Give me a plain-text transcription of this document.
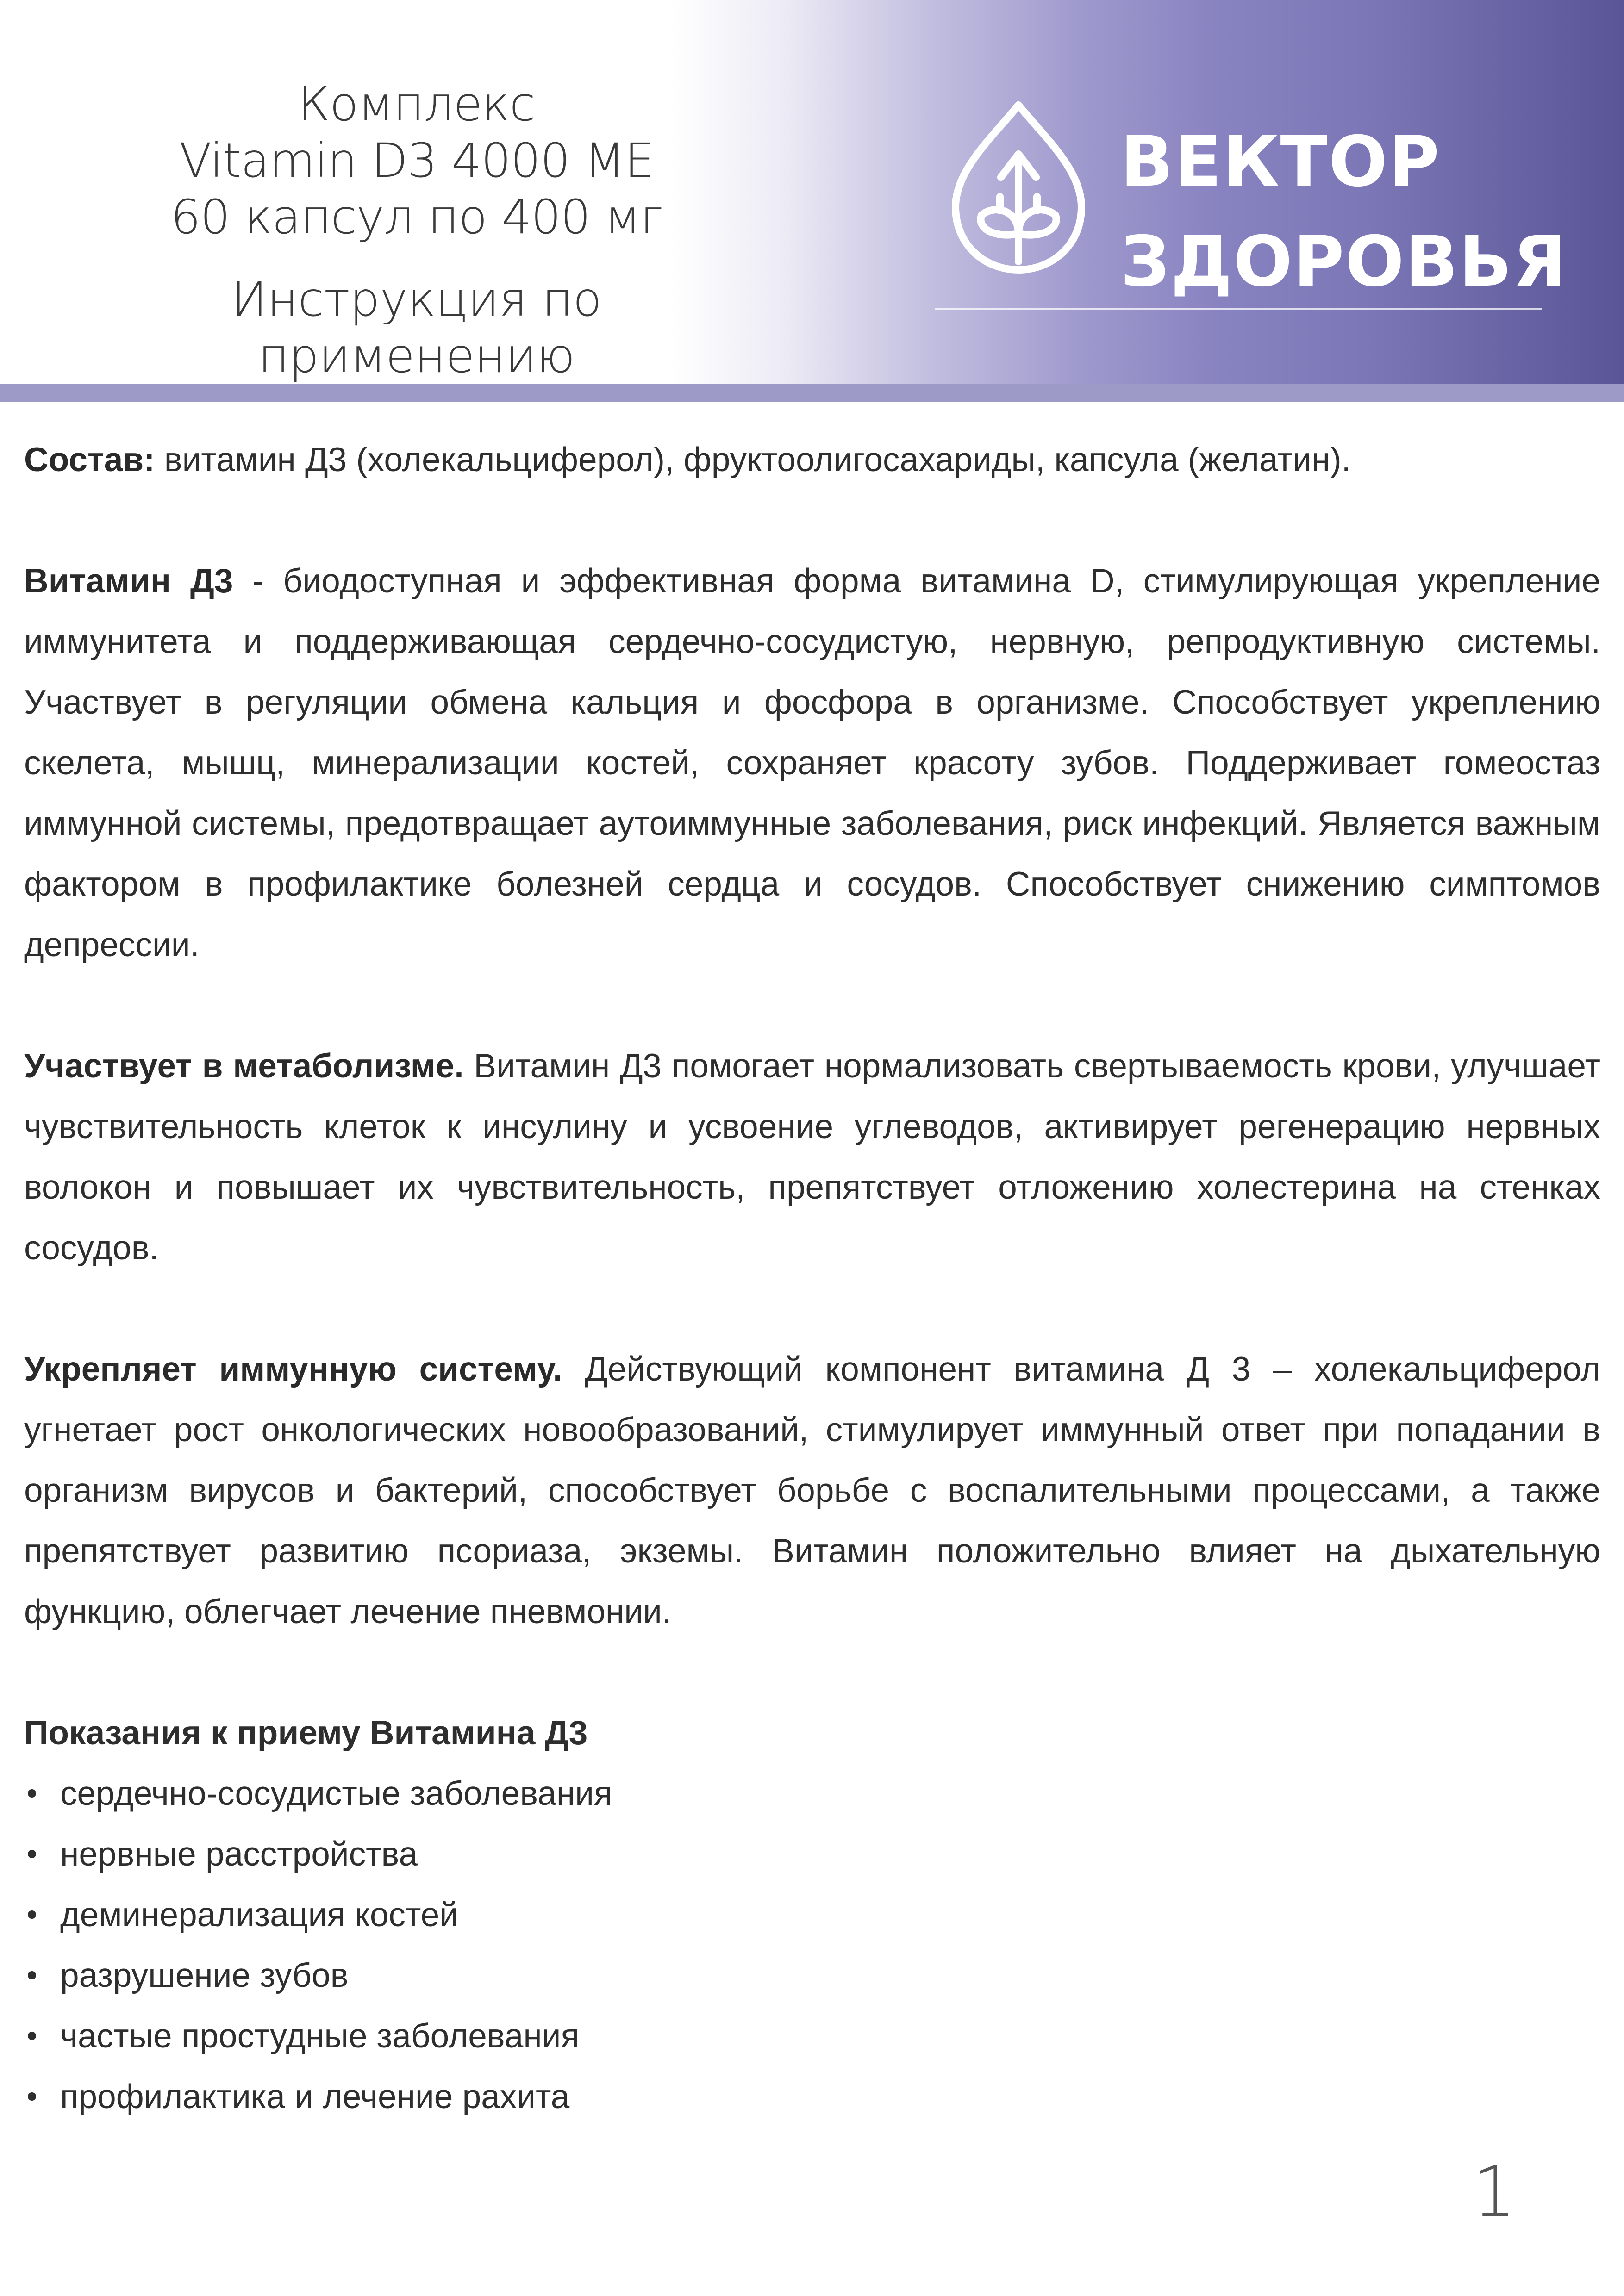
Комплекс
Vitamin D3 4000 МЕ
60 капсул по 400 мг
Инструкция по применению
ВЕКТОР
ЗДОРОВЬЯ

Состав: витамин Д3 (холекальциферол), фруктоолигосахариды, капсула (желатин).

Витамин Д3 - биодоступная и эффективная форма витамина D, стимулирующая укрепление иммунитета и поддерживающая сердечно-сосудистую, нервную, репродуктивную системы. Участвует в регуляции обмена кальция и фосфора в организме. Способствует укреплению скелета, мышц, минерализации костей, сохраняет красоту зубов. Поддерживает гомеостаз иммунной системы, предотвращает аутоиммунные заболевания, риск инфекций. Является важным фактором в профилактике болезней сердца и сосудов. Способствует снижению симптомов депрессии.

Участвует в метаболизме. Витамин Д3 помогает нормализовать свертываемость крови, улучшает чувствительность клеток к инсулину и усвоение углеводов, активирует регенерацию нервных волокон и повышает их чувствительность, препятствует отложению холестерина на стенках сосудов.

Укрепляет иммунную систему. Действующий компонент витамина Д 3 – холекальциферол угнетает рост онкологических новообразований, стимулирует иммунный ответ при попадании в организм вирусов и бактерий, способствует борьбе с воспалительными процессами, а также препятствует развитию псориаза, экземы. Витамин положительно влияет на дыхательную функцию, облегчает лечение пневмонии.

Показания к приему Витамина Д3
сердечно-сосудистые заболевания
нервные расстройства
деминерализация костей
разрушение зубов
частые простудные заболевания
профилактика и лечение рахита
1
